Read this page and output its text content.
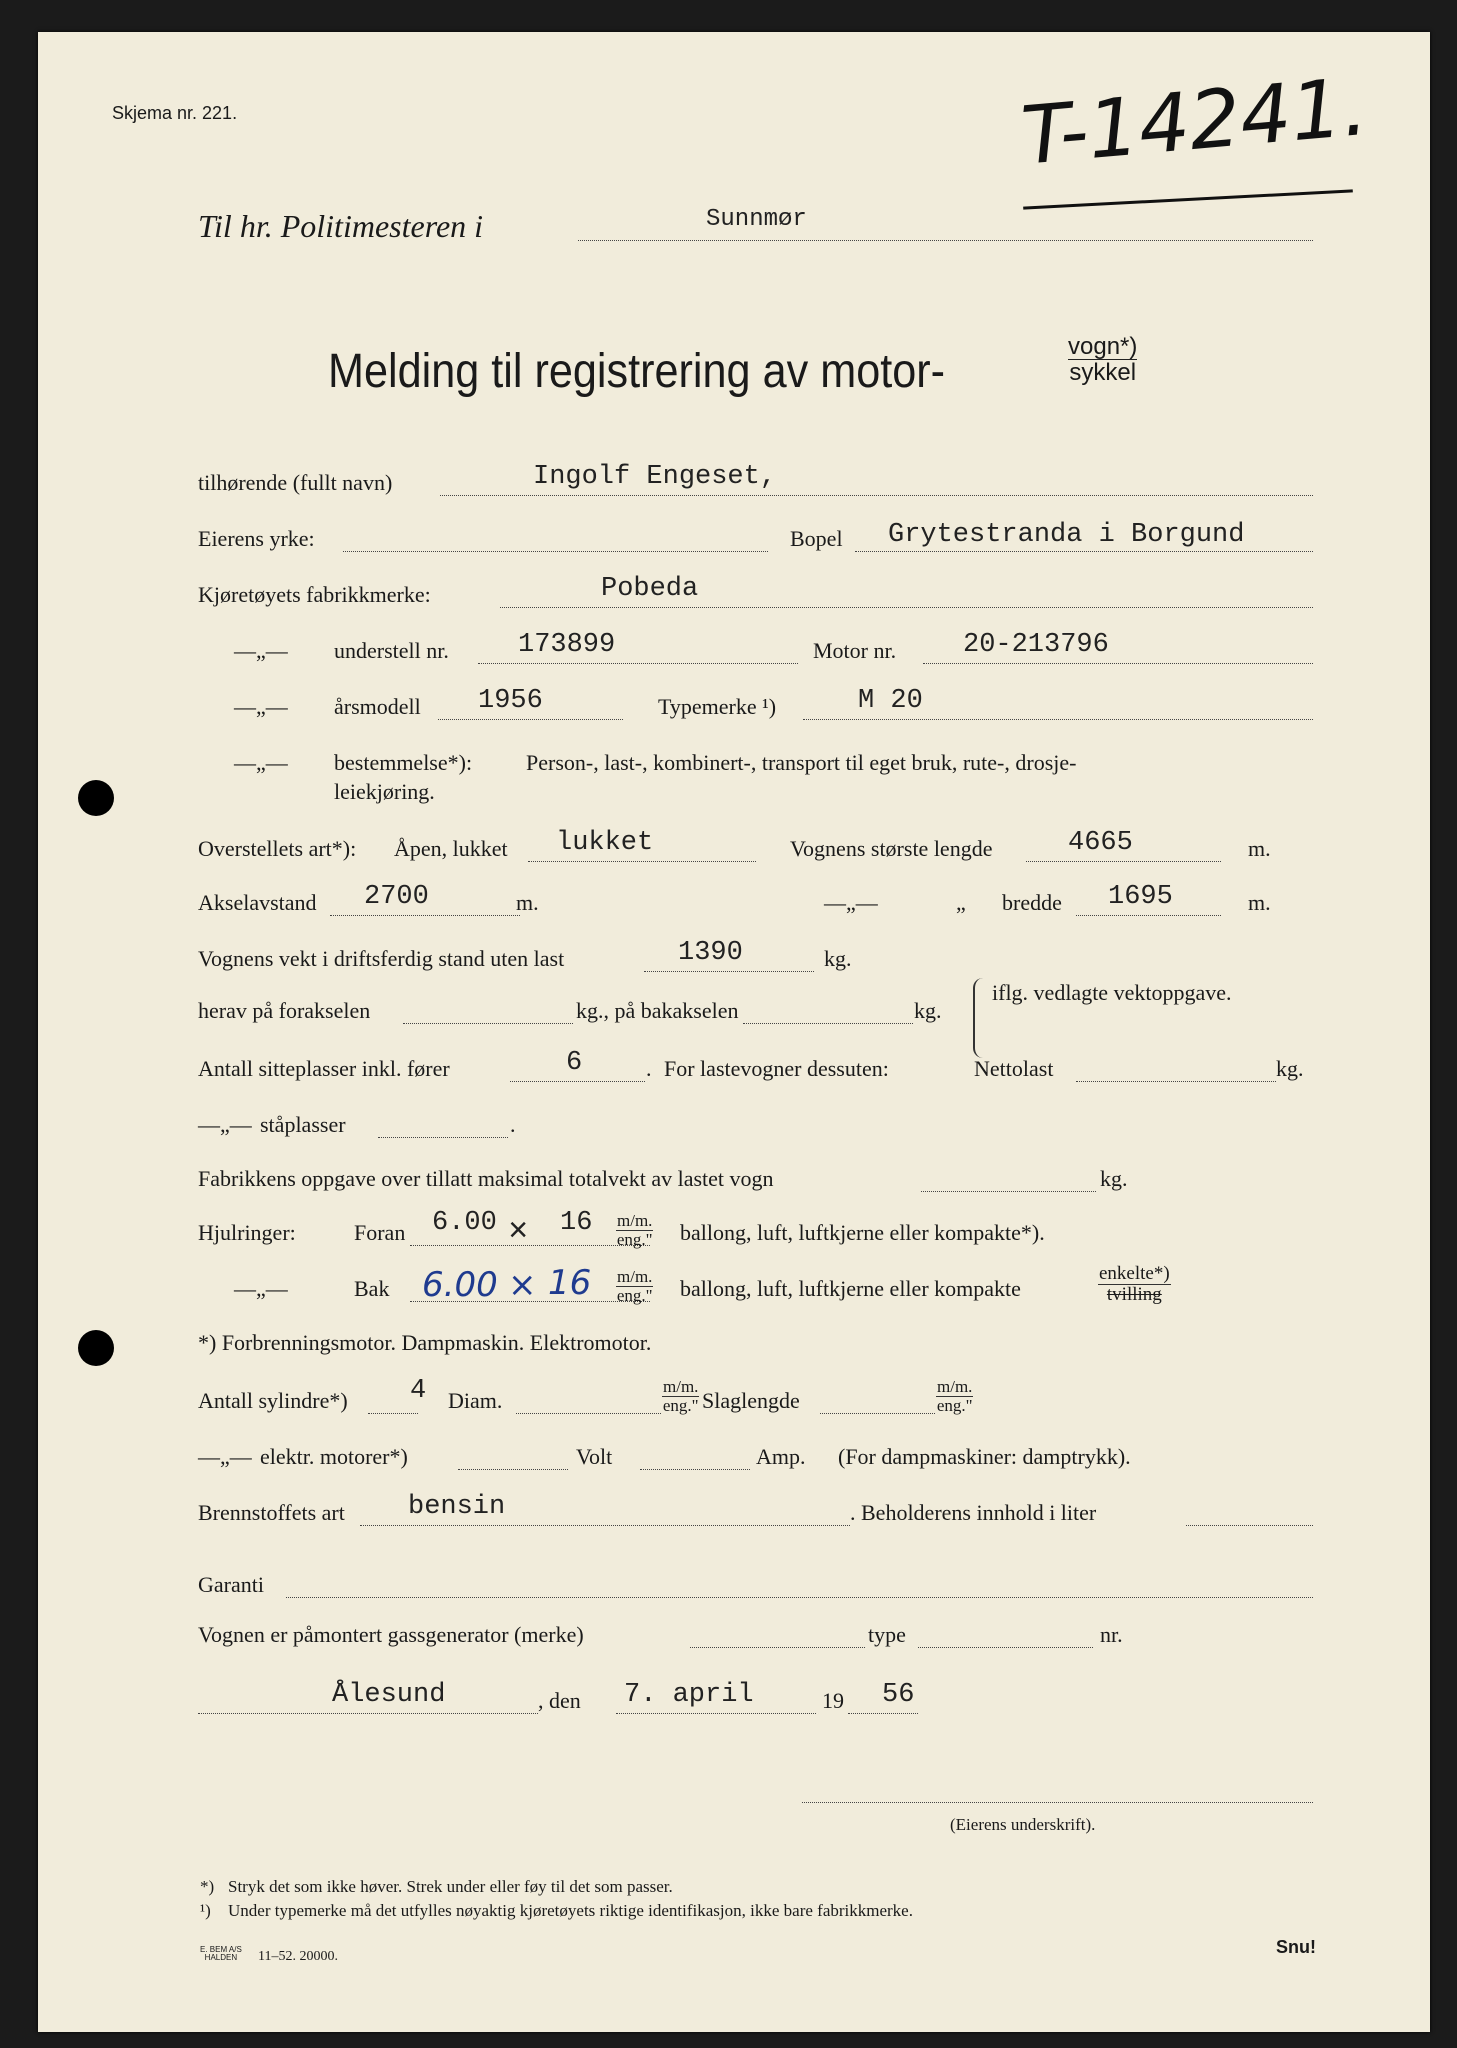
Skjema nr. 221.	T-14241.
Til hr. Politimesteren i	Sunnmør
Melding til registrering av motor-	vogn*)
sykkel
tilhørende (fullt navn)	Ingolf Engeset,
Eierens yrke:	Bopel Grytestranda i Borgund
Kjøretøyets fabrikkmerke:	Pobeda
—„— understell nr.	173899	Motor nr. 20-213796
—„— årsmodell 1956	Typemerke ¹)	M 20
—„— bestemmelse*): Person-, last-, kombinert-, transport til eget bruk, rute-, drosje-
leiekjøring.
Overstellets art*): Åpen, lukket lukket	Vognens største lengde	4665	m.
Akselavstand 2700	m.	—„—	„ bredde 1695	m.
Vognens vekt i driftsferdig stand uten last	1390	kg.
herav på forakselen	kg., på bakakselen	kg.
iflg. vedlagte vektoppgave.
Antall sitteplasser inkl. fører	6	. For lastevogner dessuten:	Nettolast	kg.
—„— ståplasser	.
Fabrikkens oppgave over tillatt maksimal totalvekt av lastet vogn	kg.
Hjulringer:	Foran 6.00 × 16 m/m.
eng." ballong, luft, luftkjerne eller kompakte*).
—„—	Bak 6.00 × 16 m/m.
eng." ballong, luft, luftkjerne eller kompakte
enkelte*)
tvilling
*) Forbrenningsmotor. Dampmaskin. Elektromotor.
Antall sylindre*) 4 Diam.
m/m.
eng." Slaglengde
m/m.
eng."
—„— elektr. motorer*)	Volt	Amp. (For dampmaskiner: damptrykk).
Brennstoffets art bensin	. Beholderens innhold i liter
Garanti
Vognen er påmontert gassgenerator (merke)	type	nr.
Ålesund	, den 7. april	19 56
(Eierens underskrift).
*) Stryk det som ikke høver. Strek under eller føy til det som passer.
¹) Under typemerke må det utfylles nøyaktig kjøretøyets riktige identifikasjon, ikke bare fabrikkmerke.
E. BEM A/S
HALDEN	11–52. 20000.	Snu!
